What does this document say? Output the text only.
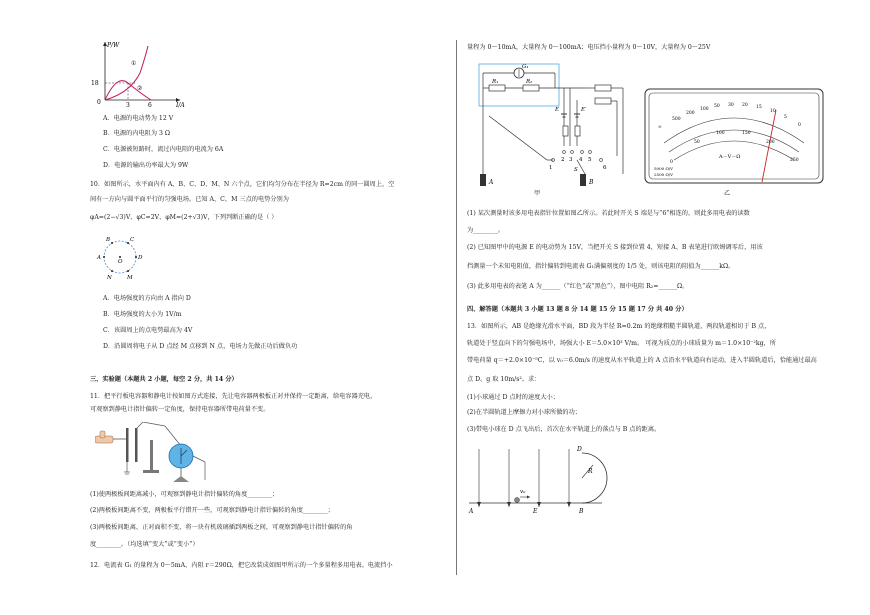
P/W
I/A
18
3	6
0
①
②
A．电源的电动势为 12 V
B．电源的内电阻为 3 Ω
C．电源被短路时，流过内电阻的电流为 6A
D．电源的输出功率最大为 9W
10．如图所示，水平面内有 A、B、C、D、M、N 六个点，它们均匀分布在半径为 R=2cm 的同一圆周上，空
间有一方向与圆平面平行的匀强电场。已知 A、C、M 三点的电势分别为
φA=(2−√3)V、φC=2V、φM=(2+√3)V，下列判断正确的是（ ）
B	C
A	D
O
N	M
A．电场强度的方向由 A 指向 D
B．电场强度的大小为 1V/m
C．该圆周上的点电势最高为 4V
D．沿圆周将电子从 D 点经 M 点移到 N 点，电场力先做正功后做负功
三、实验题（本题共 2 小题，每空 2 分，共 14 分）
11．把平行板电容器和静电计按如图方式连接，先让电容器两极板正对并保持一定距离，给电容器充电，
可观察到静电计指针偏转一定角度，保持电容器所带电荷量不变。
(1)使两极板间距离减小，可观察到静电计指针偏转的角度________；
(2)两极板间距离不变，两极板平行错开一些，可观察到静电计指针偏转的角度________；
(3)两极板间距离、正对面积不变，将一块有机玻璃插到两板之间，可观察到静电计指针偏转的角
度________。（均选填“变大”或“变小”）
12．电流表 G₁ 的量程为 0～5mA，内阻 r＝290Ω，把它改装成如图甲所示的一个多量程多用电表。电流挡小
量程为 0～10mA，大量程为 0～100mA；电压挡小量程为 0～10V，大量程为 0～25V
G₁
R₁	R₂
E	E′
1
2 3 4 5
6
S
A	B
甲
∞
500
200
100
50 30 20 15
10
5
0
0
50
100	150
200
250
A－V－Ω
5000 Ω/V
2500 Ω/V
乙
(1) 某次测量时该多用电表指针位置如图乙所示。若此时开关 S 端是与“6”相连的，则此多用电表的读数
为________。
(2) 已知图甲中的电源 E 的电动势为 15V，当把开关 S 接到位置 4，短接 A、B 表笔进行欧姆调零后，用该
挡测量一个未知电阻值，指针偏转到电流表 G₁满偏刻度的 1/5 处，则该电阻的阻值为______kΩ。
(3) 此多用电表的表笔 A 为______（“红色”或“黑色”），图中电阻 R₂=______Ω。
四、解答题（本题共 3 小题 13 题 8 分 14 题 15 分 15 题 17 分 共 40 分）
13．如图所示，AB 是绝缘光滑水平面，BD 段为半径 R=0.2m 的绝缘粗糙半圆轨道，两段轨道相切于 B 点，
轨道处于竖直向下的匀强电场中，场强大小 E＝5.0×10³ V/m。 可视为质点的小球质量为 m＝1.0×10⁻²kg，所
带电荷量 q＝+2.0×10⁻⁵C，以 v₀＝6.0m/s 的速度从水平轨道上的 A 点沿水平轨道向右运动，进入半圆轨道后，恰能通过最高
点 D。g 取 10m/s²。求：
(1)小球通过 D 点时的速度大小；
(2)在半圆轨道上摩擦力对小球所做的功；
(3)带电小球在 D 点飞出后，首次在水平轨道上的落点与 B 点的距离。
A	E	B
D
R
v₀
